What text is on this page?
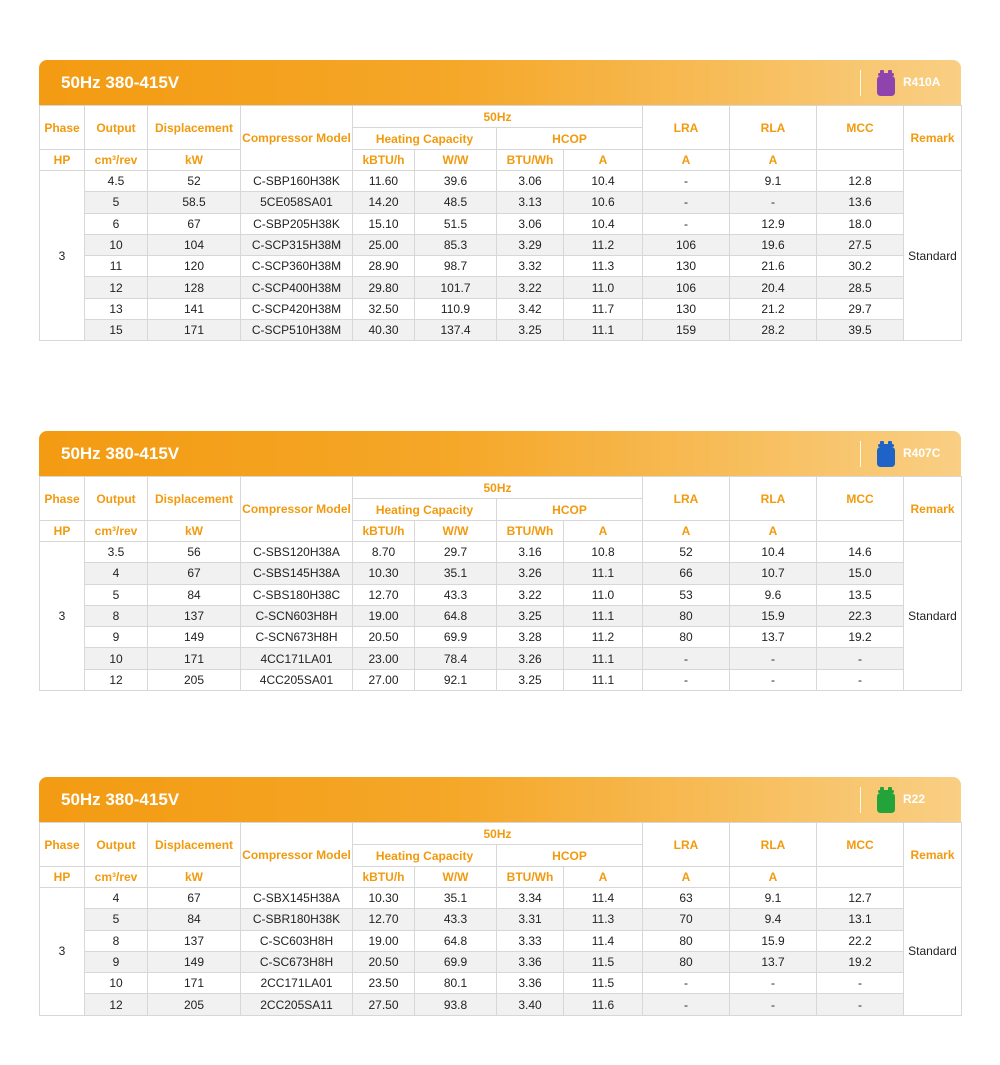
50Hz 380-415V	R410A
Phase	Output	Displacement	Compressor Model	50Hz				LRA	RLA	MCC	Remark
				Heating Capacity		HCOP					
HP	cm³/rev	kW		kBTU/h	W/W	BTU/Wh	A	A	A		
3	4.5	52	C-SBP160H38K	11.60	39.6	3.06	10.4	-	9.1	12.8	Standard
	5	58.5	5CE058SA01	14.20	48.5	3.13	10.6	-	-	13.6	
	6	67	C-SBP205H38K	15.10	51.5	3.06	10.4	-	12.9	18.0	
	10	104	C-SCP315H38M	25.00	85.3	3.29	11.2	106	19.6	27.5	
	11	120	C-SCP360H38M	28.90	98.7	3.32	11.3	130	21.6	30.2	
	12	128	C-SCP400H38M	29.80	101.7	3.22	11.0	106	20.4	28.5	
	13	141	C-SCP420H38M	32.50	110.9	3.42	11.7	130	21.2	29.7	
	15	171	C-SCP510H38M	40.30	137.4	3.25	11.1	159	28.2	39.5	
50Hz 380-415V	R407C
Phase	Output	Displacement	Compressor Model	50Hz				LRA	RLA	MCC	Remark
				Heating Capacity		HCOP					
HP	cm³/rev	kW		kBTU/h	W/W	BTU/Wh	A	A	A		
3	3.5	56	C-SBS120H38A	8.70	29.7	3.16	10.8	52	10.4	14.6	Standard
	4	67	C-SBS145H38A	10.30	35.1	3.26	11.1	66	10.7	15.0	
	5	84	C-SBS180H38C	12.70	43.3	3.22	11.0	53	9.6	13.5	
	8	137	C-SCN603H8H	19.00	64.8	3.25	11.1	80	15.9	22.3	
	9	149	C-SCN673H8H	20.50	69.9	3.28	11.2	80	13.7	19.2	
	10	171	4CC171LA01	23.00	78.4	3.26	11.1	-	-	-	
	12	205	4CC205SA01	27.00	92.1	3.25	11.1	-	-	-	
50Hz 380-415V	R22
Phase	Output	Displacement	Compressor Model	50Hz				LRA	RLA	MCC	Remark
				Heating Capacity		HCOP					
HP	cm³/rev	kW		kBTU/h	W/W	BTU/Wh	A	A	A		
3	4	67	C-SBX145H38A	10.30	35.1	3.34	11.4	63	9.1	12.7	Standard
	5	84	C-SBR180H38K	12.70	43.3	3.31	11.3	70	9.4	13.1	
	8	137	C-SC603H8H	19.00	64.8	3.33	11.4	80	15.9	22.2	
	9	149	C-SC673H8H	20.50	69.9	3.36	11.5	80	13.7	19.2	
	10	171	2CC171LA01	23.50	80.1	3.36	11.5	-	-	-	
	12	205	2CC205SA11	27.50	93.8	3.40	11.6	-	-	-	
